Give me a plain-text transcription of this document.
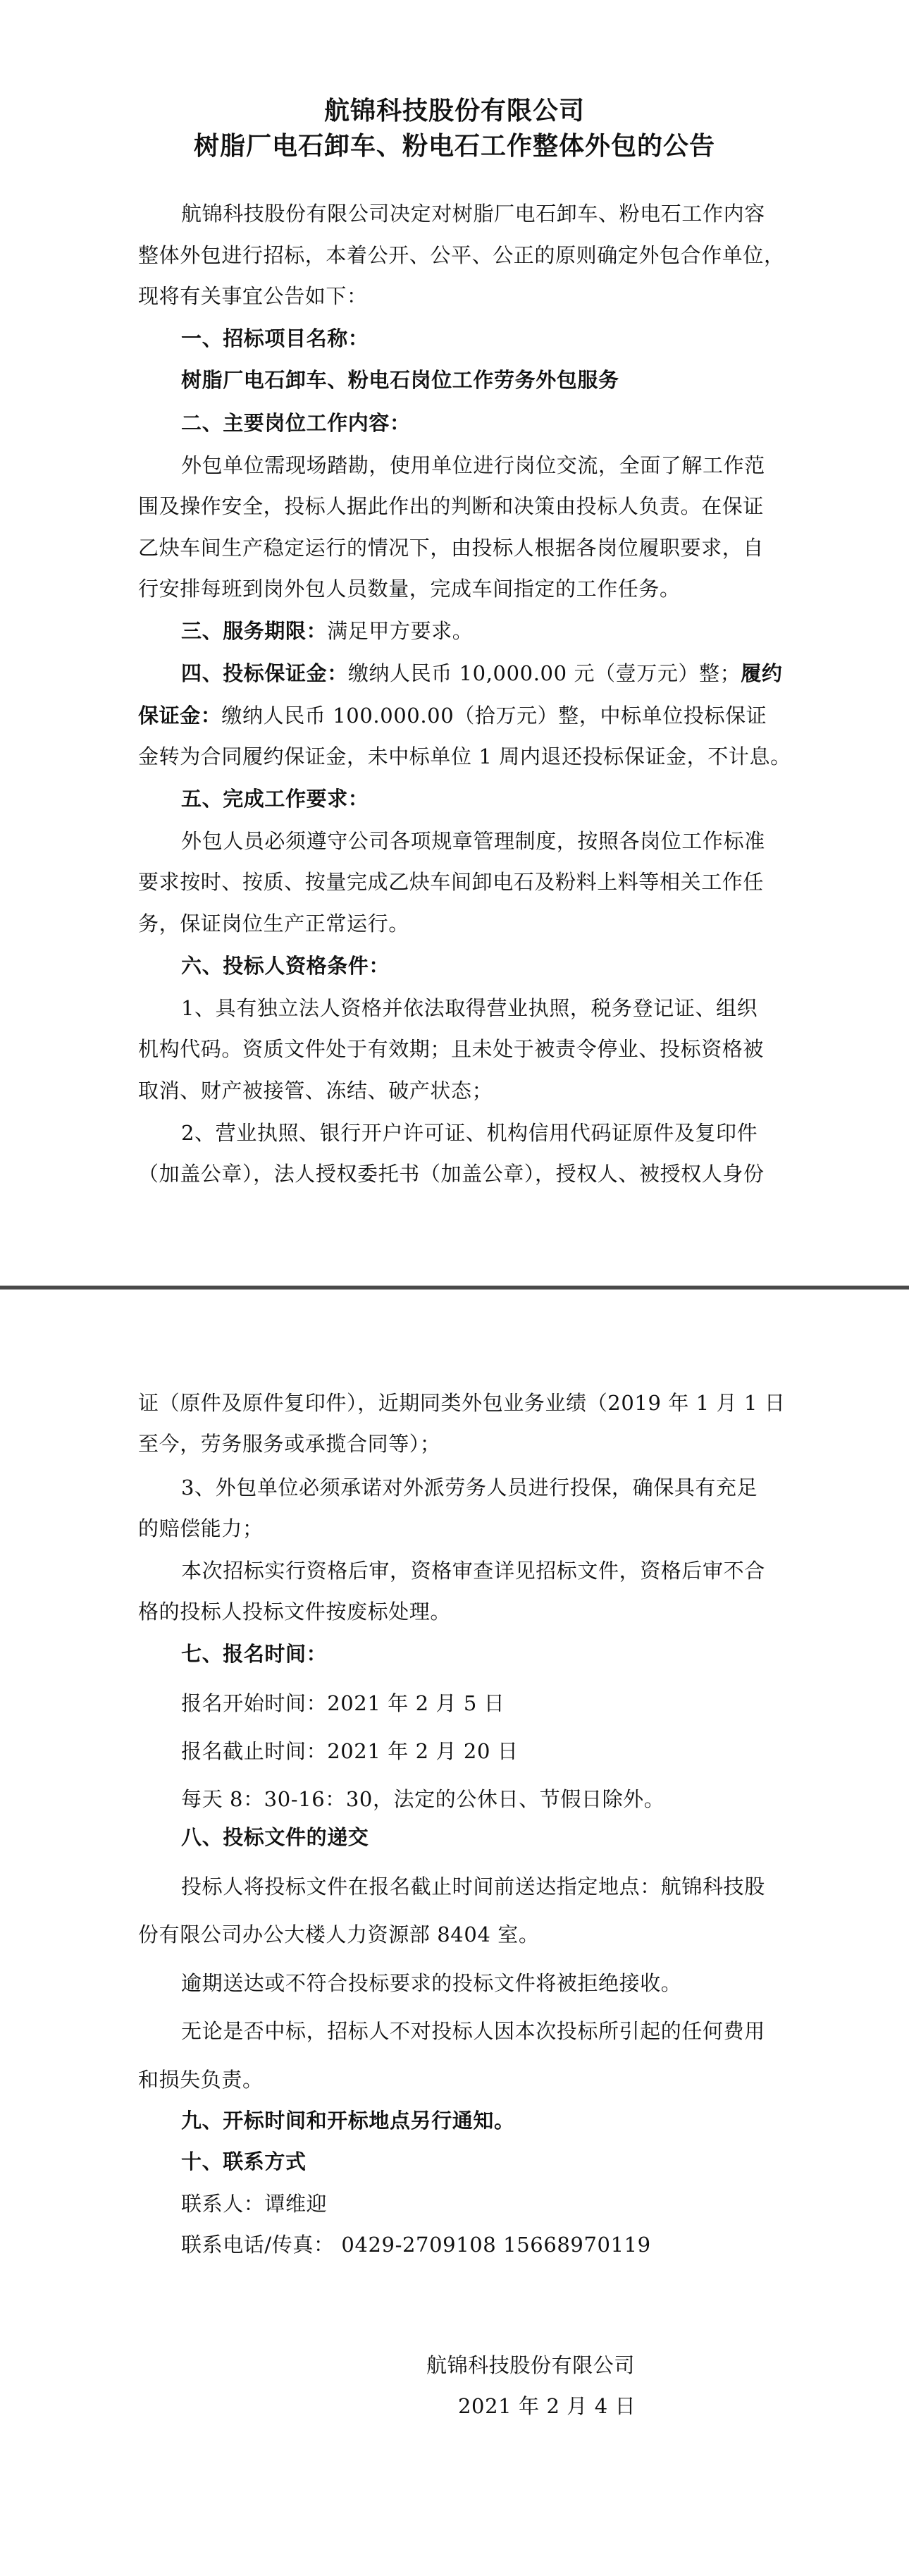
航锦科技股份有限公司
树脂厂电石卸车、粉电石工作整体外包的公告
航锦科技股份有限公司决定对树脂厂电石卸车、粉电石工作内容
整体外包进行招标，本着公开、公平、公正的原则确定外包合作单位，
现将有关事宜公告如下：
一、招标项目名称：
树脂厂电石卸车、粉电石岗位工作劳务外包服务
二、主要岗位工作内容：
外包单位需现场踏勘，使用单位进行岗位交流，全面了解工作范
围及操作安全，投标人据此作出的判断和决策由投标人负责。在保证
乙炔车间生产稳定运行的情况下，由投标人根据各岗位履职要求，自
行安排每班到岗外包人员数量，完成车间指定的工作任务。
三、服务期限：满足甲方要求。
四、投标保证金：缴纳人民币 10,000.00 元（壹万元）整；履约
保证金：缴纳人民币 100.000.00（拾万元）整，中标单位投标保证
金转为合同履约保证金，未中标单位 1 周内退还投标保证金，不计息。
五、完成工作要求：
外包人员必须遵守公司各项规章管理制度，按照各岗位工作标准
要求按时、按质、按量完成乙炔车间卸电石及粉料上料等相关工作任
务，保证岗位生产正常运行。
六、投标人资格条件：
1、具有独立法人资格并依法取得营业执照，税务登记证、组织
机构代码。资质文件处于有效期；且未处于被责令停业、投标资格被
取消、财产被接管、冻结、破产状态；
2、营业执照、银行开户许可证、机构信用代码证原件及复印件
（加盖公章），法人授权委托书（加盖公章），授权人、被授权人身份
证（原件及原件复印件），近期同类外包业务业绩（2019 年 1 月 1 日
至今，劳务服务或承揽合同等）；
3、外包单位必须承诺对外派劳务人员进行投保，确保具有充足
的赔偿能力；
本次招标实行资格后审，资格审查详见招标文件，资格后审不合
格的投标人投标文件按废标处理。
七、报名时间：
报名开始时间：2021 年 2 月 5 日
报名截止时间：2021 年 2 月 20 日
每天 8：30-16：30，法定的公休日、节假日除外。
八、投标文件的递交
投标人将投标文件在报名截止时间前送达指定地点：航锦科技股
份有限公司办公大楼人力资源部 8404 室。
逾期送达或不符合投标要求的投标文件将被拒绝接收。
无论是否中标，招标人不对投标人因本次投标所引起的任何费用
和损失负责。
九、开标时间和开标地点另行通知。
十、联系方式
联系人：谭维迎
联系电话/传真： 0429-2709108 15668970119
航锦科技股份有限公司
2021 年 2 月 4 日
